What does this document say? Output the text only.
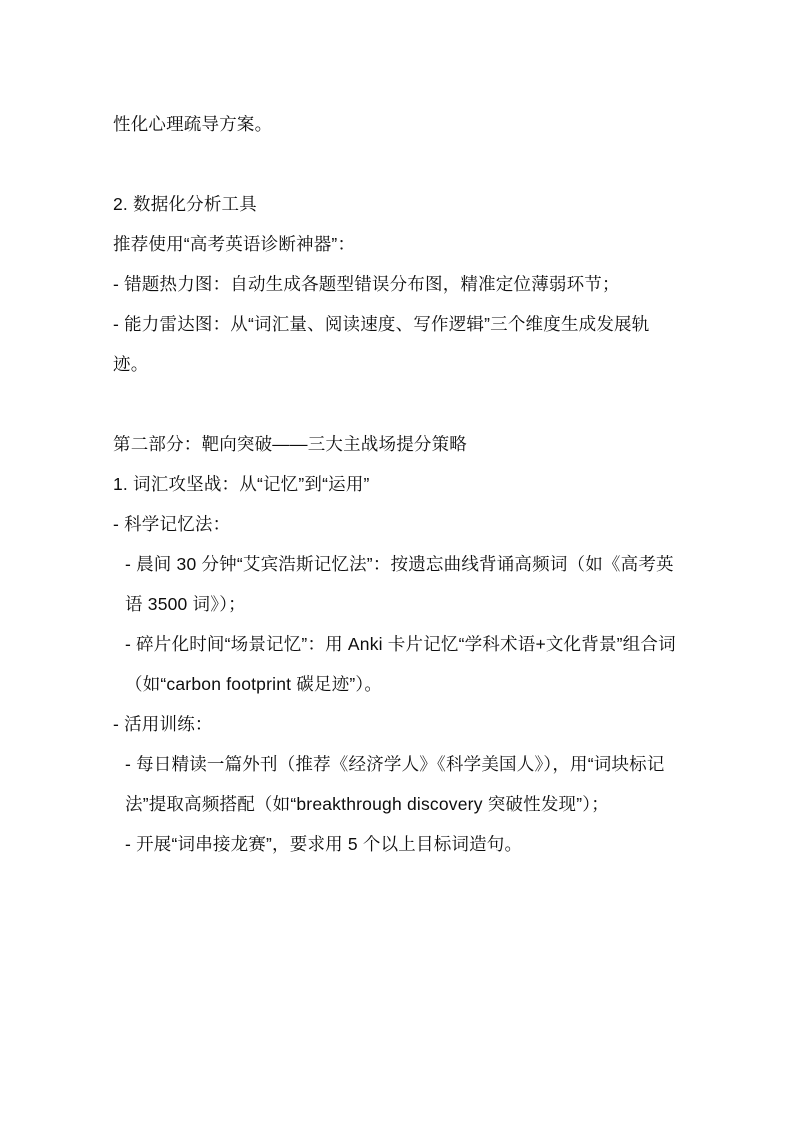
性化心理疏导方案。

2. 数据化分析工具

推荐使用“高考英语诊断神器”：

- 错题热力图：自动生成各题型错误分布图，精准定位薄弱环节；

- 能力雷达图：从“词汇量、阅读速度、写作逻辑”三个维度生成发展轨迹。

第二部分：靶向突破——三大主战场提分策略

1. 词汇攻坚战：从“记忆”到“运用”

- 科学记忆法：

- 晨间 30 分钟“艾宾浩斯记忆法”：按遗忘曲线背诵高频词（如《高考英语 3500 词》）；

- 碎片化时间“场景记忆”：用 Anki 卡片记忆“学科术语+文化背景”组合词（如“carbon footprint 碳足迹”）。

- 活用训练：

- 每日精读一篇外刊（推荐《经济学人》《科学美国人》），用“词块标记法”提取高频搭配（如“breakthrough discovery 突破性发现”）；

- 开展“词串接龙赛”，要求用 5 个以上目标词造句。
